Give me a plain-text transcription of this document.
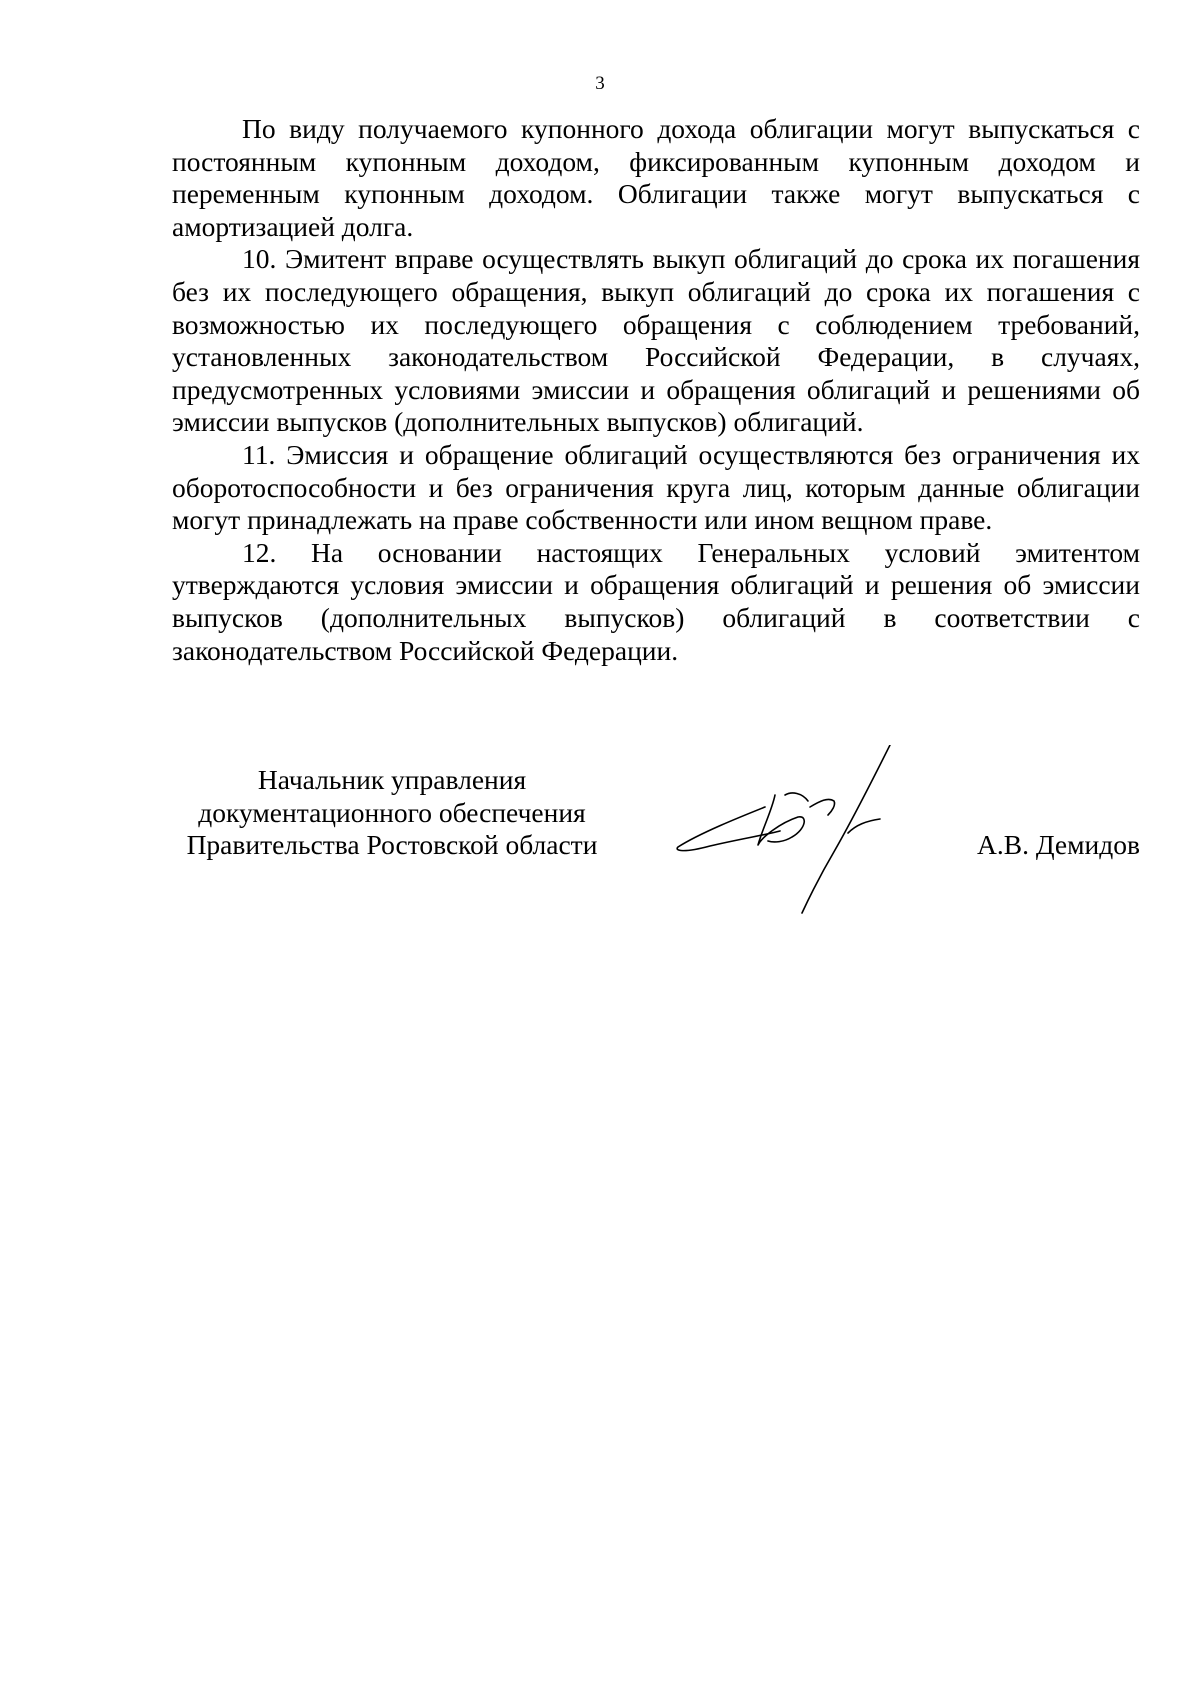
3

По виду получаемого купонного дохода облигации могут выпускаться с постоянным купонным доходом, фиксированным купонным доходом и переменным купонным доходом. Облигации также могут выпускаться с амортизацией долга.

10. Эмитент вправе осуществлять выкуп облигаций до срока их погашения без их последующего обращения, выкуп облигаций до срока их погашения с возможностью их последующего обращения с соблюдением требований, установленных законодательством Российской Федерации, в случаях, предусмотренных условиями эмиссии и обращения облигаций и решениями об эмиссии выпусков (дополнительных выпусков) облигаций.

11. Эмиссия и обращение облигаций осуществляются без ограничения их оборотоспособности и без ограничения круга лиц, которым данные облигации могут принадлежать на праве собственности или ином вещном праве.

12. На основании настоящих Генеральных условий эмитентом утверждаются условия эмиссии и обращения облигаций и решения об эмиссии выпусков (дополнительных выпусков) облигаций в соответствии с законодательством Российской Федерации.

Начальник управления
документационного обеспечения
Правительства Ростовской области	А.В. Демидов
